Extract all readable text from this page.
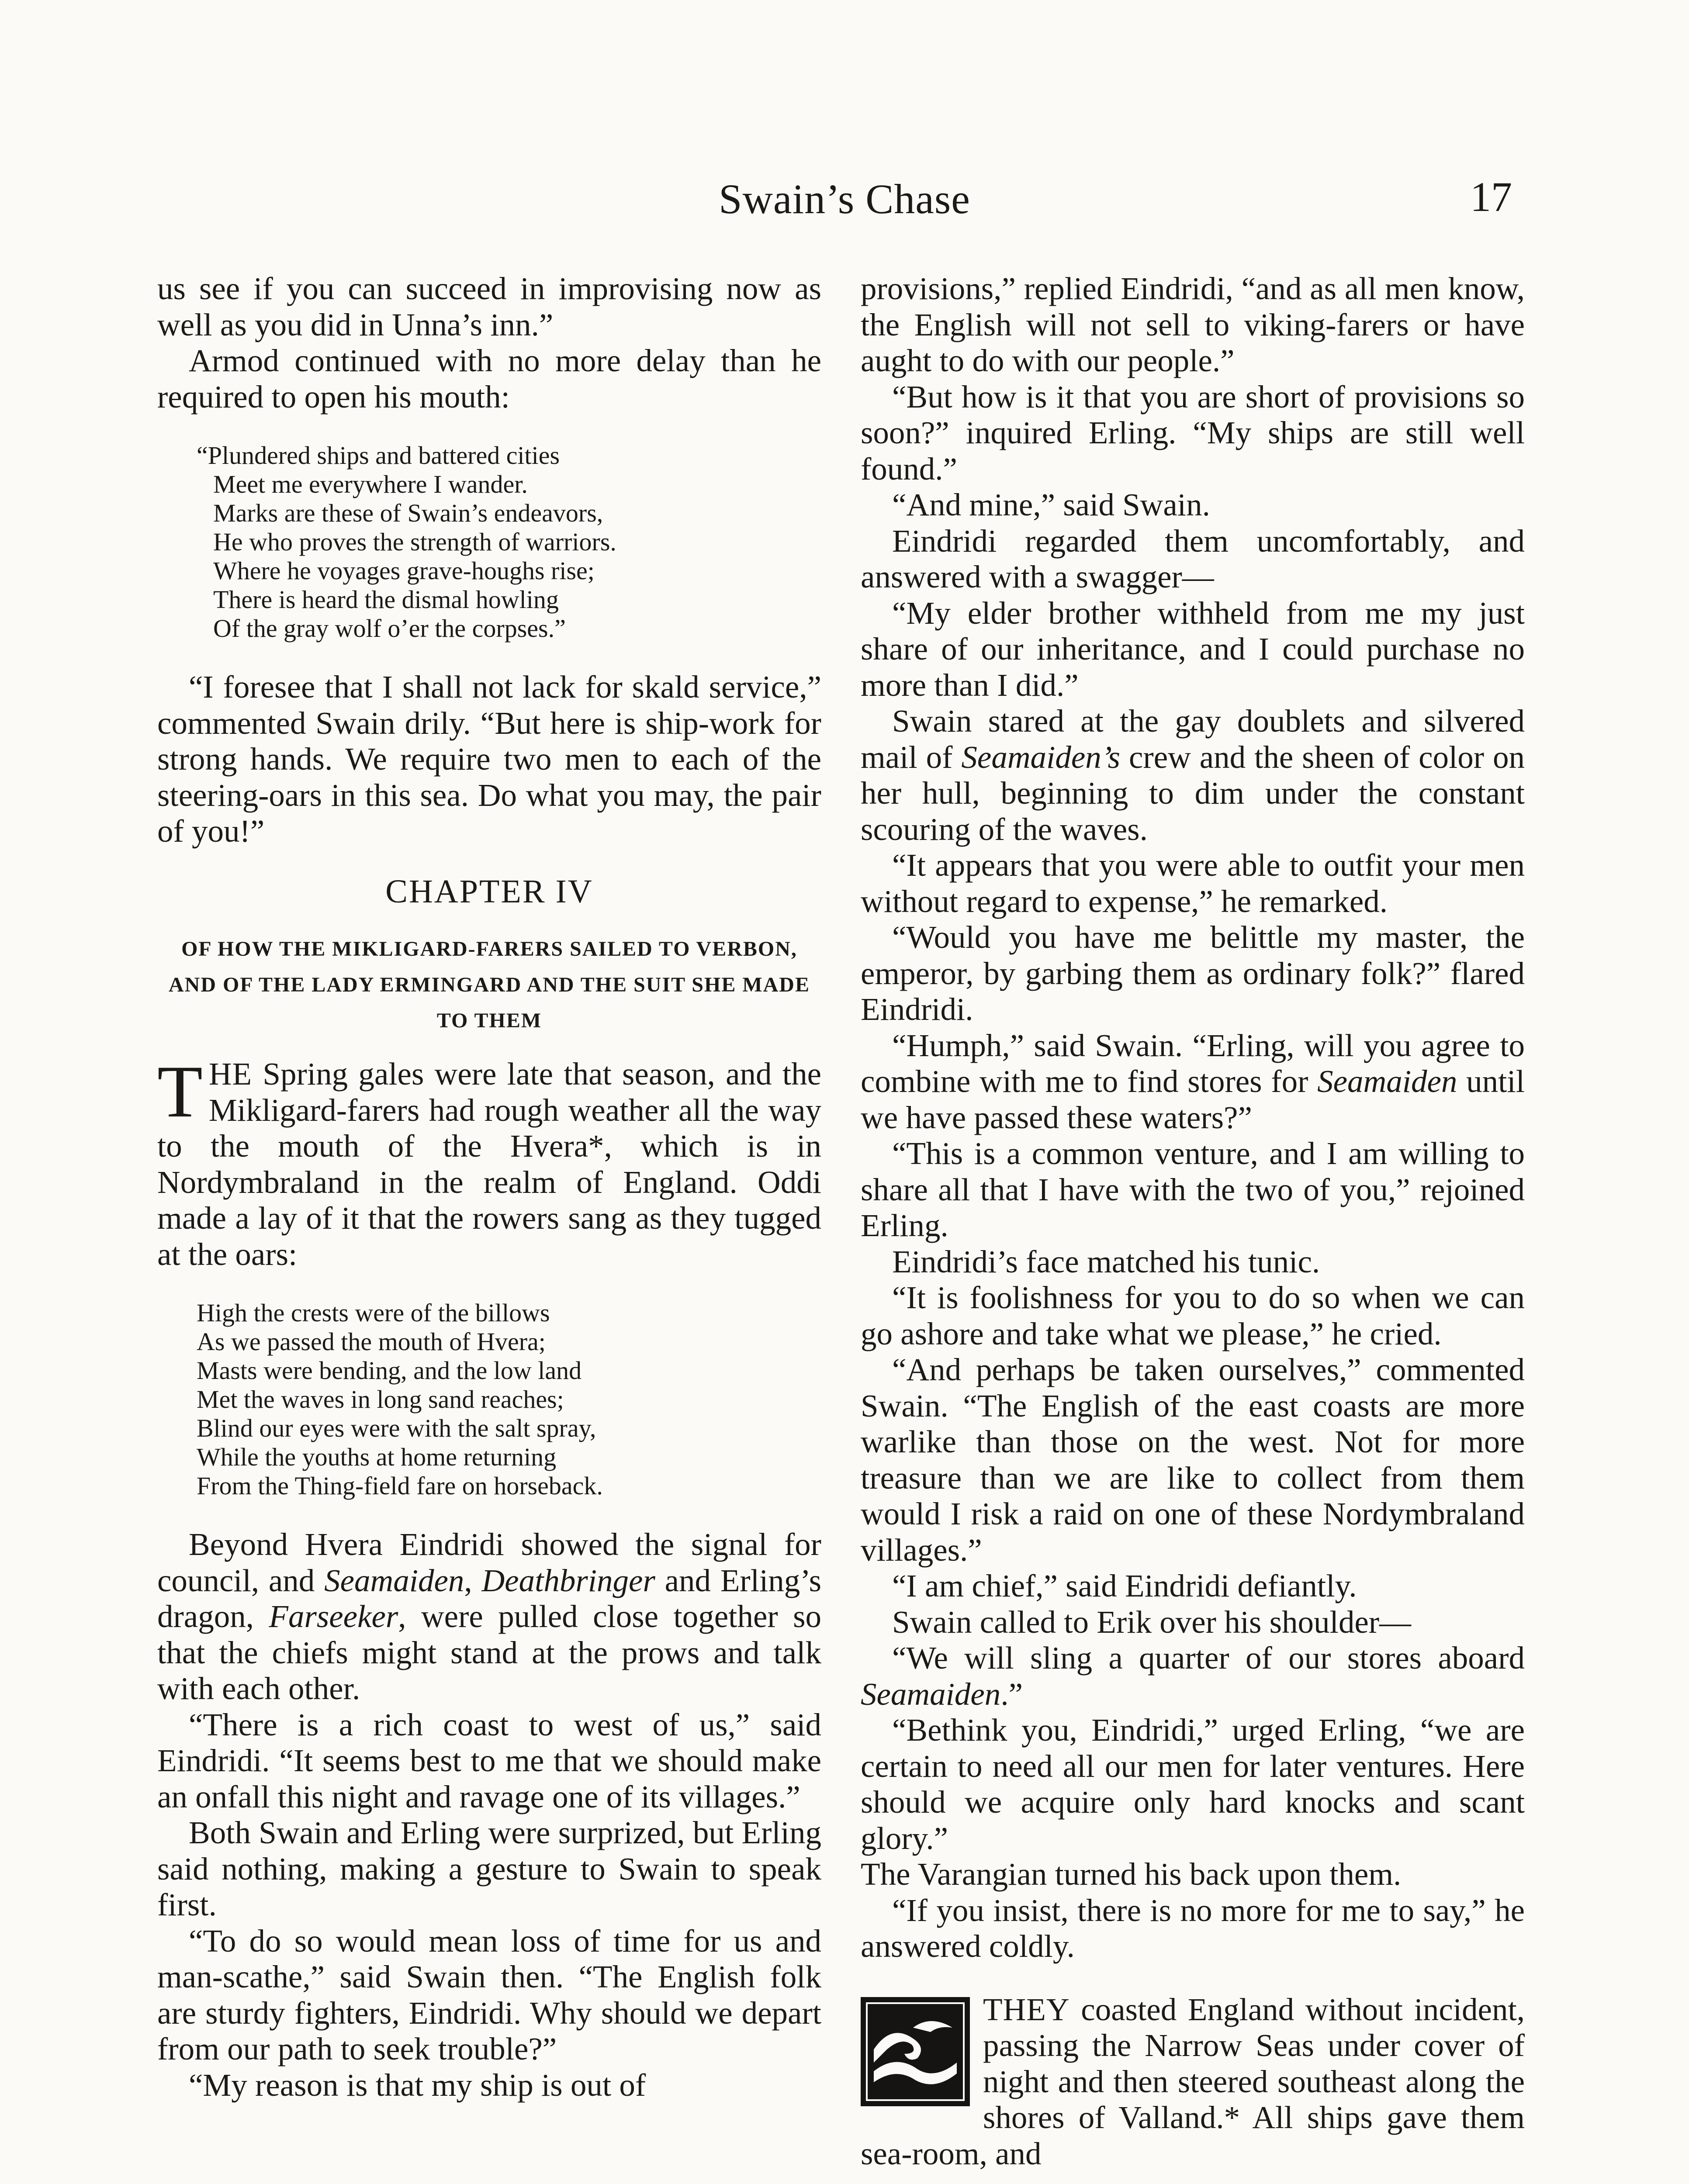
Swain’s Chase	17

us see if you can succeed in improvising now as well as you did in Unna’s inn.”

Armod continued with no more delay than he required to open his mouth:

“Plundered ships and battered cities
Meet me everywhere I wander.
Marks are these of Swain’s endeavors,
He who proves the strength of warriors.
Where he voyages grave-houghs rise;
There is heard the dismal howling
Of the gray wolf o’er the corpses.”

“I foresee that I shall not lack for skald service,” commented Swain drily. “But here is ship-work for strong hands. We require two men to each of the steering-oars in this sea. Do what you may, the pair of you!”

CHAPTER IV
OF HOW THE MIKLIGARD-FARERS SAILED TO VERBON, AND OF THE LADY ERMINGARD AND THE SUIT SHE MADE TO THEM

THE Spring gales were late that season, and the Mikligard-farers had rough weather all the way to the mouth of the Hvera*, which is in Nordymbraland in the realm of England. Oddi made a lay of it that the rowers sang as they tugged at the oars:

High the crests were of the billows
As we passed the mouth of Hvera;
Masts were bending, and the low land
Met the waves in long sand reaches;
Blind our eyes were with the salt spray,
While the youths at home returning
From the Thing-field fare on horseback.

Beyond Hvera Eindridi showed the signal for council, and Seamaiden, Deathbringer and Erling’s dragon, Farseeker, were pulled close together so that the chiefs might stand at the prows and talk with each other.

“There is a rich coast to west of us,” said Eindridi. “It seems best to me that we should make an onfall this night and ravage one of its villages.”

Both Swain and Erling were surprized, but Erling said nothing, making a gesture to Swain to speak first.

“To do so would mean loss of time for us and man-scathe,” said Swain then. “The English folk are sturdy fighters, Eindridi. Why should we depart from our path to seek trouble?”

“My reason is that my ship is out of

provisions,” replied Eindridi, “and as all men know, the English will not sell to viking-farers or have aught to do with our people.”

“But how is it that you are short of provisions so soon?” inquired Erling. “My ships are still well found.”

“And mine,” said Swain.

Eindridi regarded them uncomfortably, and answered with a swagger—

“My elder brother withheld from me my just share of our inheritance, and I could purchase no more than I did.”

Swain stared at the gay doublets and silvered mail of Seamaiden’s crew and the sheen of color on her hull, beginning to dim under the constant scouring of the waves.

“It appears that you were able to outfit your men without regard to expense,” he remarked.

“Would you have me belittle my master, the emperor, by garbing them as ordinary folk?” flared Eindridi.

“Humph,” said Swain. “Erling, will you agree to combine with me to find stores for Seamaiden until we have passed these waters?”

“This is a common venture, and I am willing to share all that I have with the two of you,” rejoined Erling.

Eindridi’s face matched his tunic.

“It is foolishness for you to do so when we can go ashore and take what we please,” he cried.

“And perhaps be taken ourselves,” commented Swain. “The English of the east coasts are more warlike than those on the west. Not for more treasure than we are like to collect from them would I risk a raid on one of these Nordymbraland villages.”

“I am chief,” said Eindridi defiantly.

Swain called to Erik over his shoulder—

“We will sling a quarter of our stores aboard Seamaiden.”

“Bethink you, Eindridi,” urged Erling, “we are certain to need all our men for later ventures. Here should we acquire only hard knocks and scant glory.”

The Varangian turned his back upon them.

“If you insist, there is no more for me to say,” he answered coldly.

THEY coasted England without incident, passing the Narrow Seas under cover of night and then steered southeast along the shores of Valland.* All ships gave them sea-room, and
